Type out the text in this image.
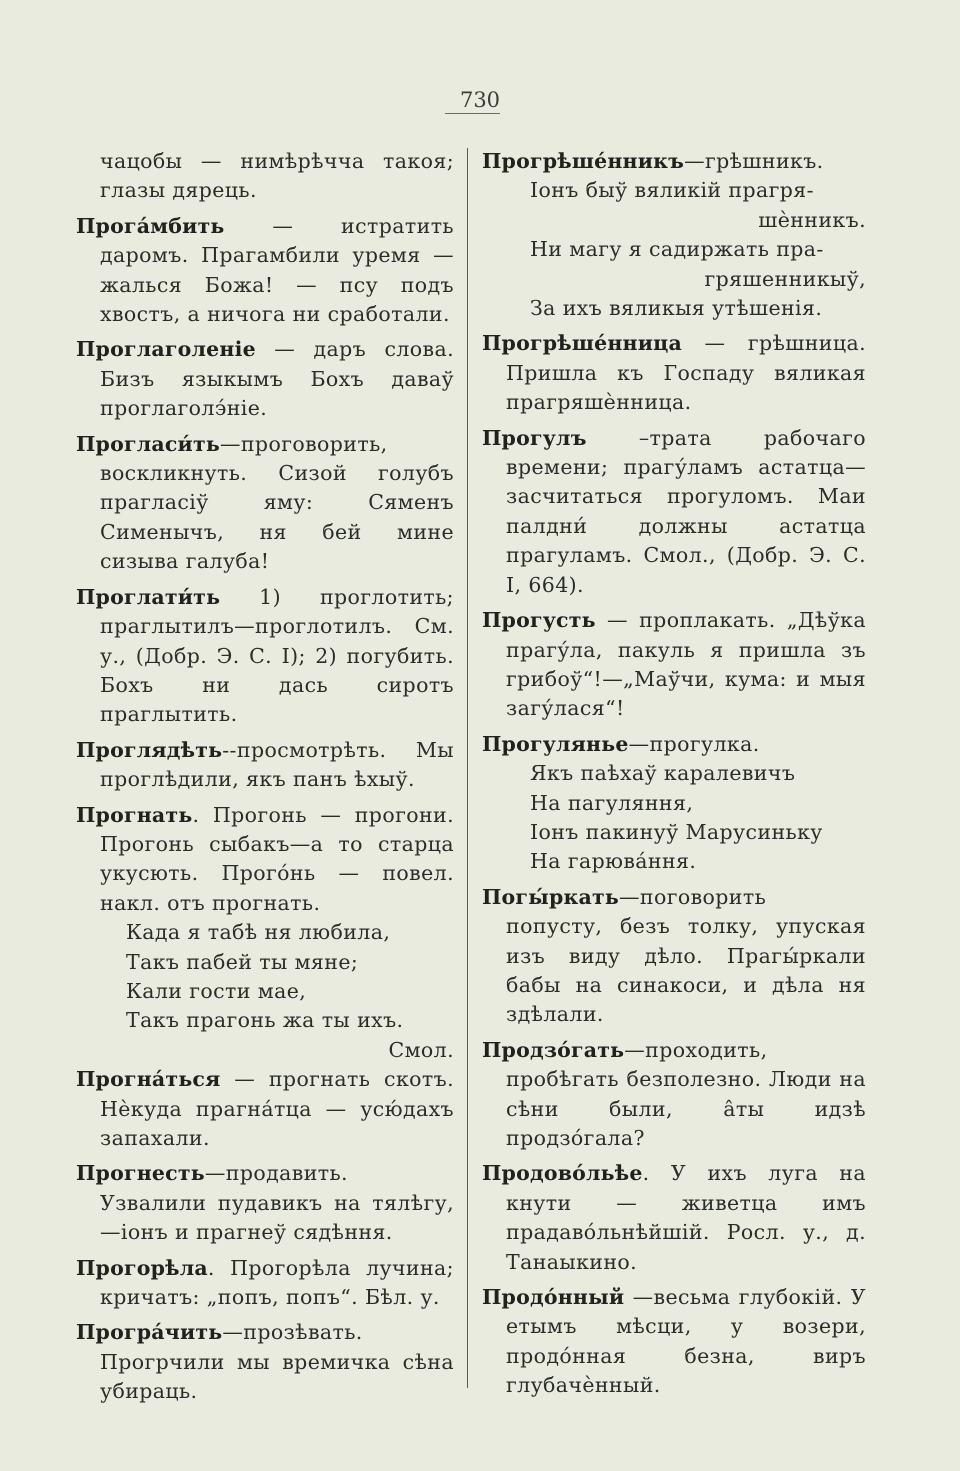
730

чацобы — нимѣрѣчча такоя; глазы дярець.

Прога́мбить — истратить даромъ. Прагамбили уремя — жалься Божа! — псу подъ хвостъ, а ничога ни сработали.

Проглаголеніе — даръ слова. Бизъ языкымъ Бохъ даваў проглаголэ́ніе.

Прогласи́ть—проговорить, воскликнуть. Сизой голубъ прагласіў яму: Сяменъ Сименычъ, ня бей мине сизыва галуба!

Проглати́ть 1) проглотить; праглытилъ—проглотилъ. См. у., (Добр. Э. С. I); 2) погубить. Бохъ ни дась сиротъ праглытить.

Проглядѣть--просмотрѣть. Мы проглѣдили, якъ панъ ѣхыў.

Прогнать. Прогонь — прогони. Прогонь сыбакъ—а то старца укусють. Прого́нь — повел. накл. отъ прогнать.

Када я табѣ ня любила,
Такъ пабей ты мяне;
Кали гости мае,
Такъ прагонь жа ты ихъ.
Смол.

Прогна́ться — прогнать скотъ. Нѐкуда прагна́тца — усю́дахъ запахали.

Прогнесть—продавить. Узвалили пудавикъ на тялѣгу,—іонъ и прагнеў сядѣння.

Прогорѣла. Прогорѣла лучина; кричатъ: „попъ, попъ“. Бѣл. у.

Програ́чить—прозѣвать. Прогрчили мы времичка сѣна убираць.

Прогрѣше́нникъ—грѣшникъ.

Іонъ быў вяликій прагря-
шѐнникъ.
Ни магу я садиржать пра-
гряшенникыў,
За ихъ вяликыя утѣшенія.

Прогрѣше́нница — грѣшница. Пришла къ Госпаду вяликая прагряшѐнница.

Прогулъ –трата рабочаго времени; прагу́ламъ астатца—засчитаться прогуломъ. Маи палдни́ должны астатца прагуламъ. Смол., (Добр. Э. С. I, 664).

Прогусть — проплакать. „Дѣўка прагу́ла, пакуль я пришла зъ грибоў“!—„Маўчи, кума: и мыя загу́лася“!

Прогулянье—прогулка.

Якъ паѣхаў каралевичъ
На пагуляння,
Іонъ пакинуў Марусиньку
На гарюва́ння.

Погы́ркать—поговорить попусту, безъ толку, упуская изъ виду дѣло. Прагы́ркали бабы на синакоси, и дѣла ня здѣлали.

Продзо́гать—проходить, пробѣгать безполезно. Люди на сѣни были, а̂ты идзѣ продзо́гала?

Продово́льѣе. У ихъ луга на кнути — живетца имъ прадаво́льнѣйшій. Росл. у., д. Танаыкино.

Продо́нный —весьма глубокій. У етымъ мѣсци, у возери, продо́нная безна, виръ глубачѐнный.
